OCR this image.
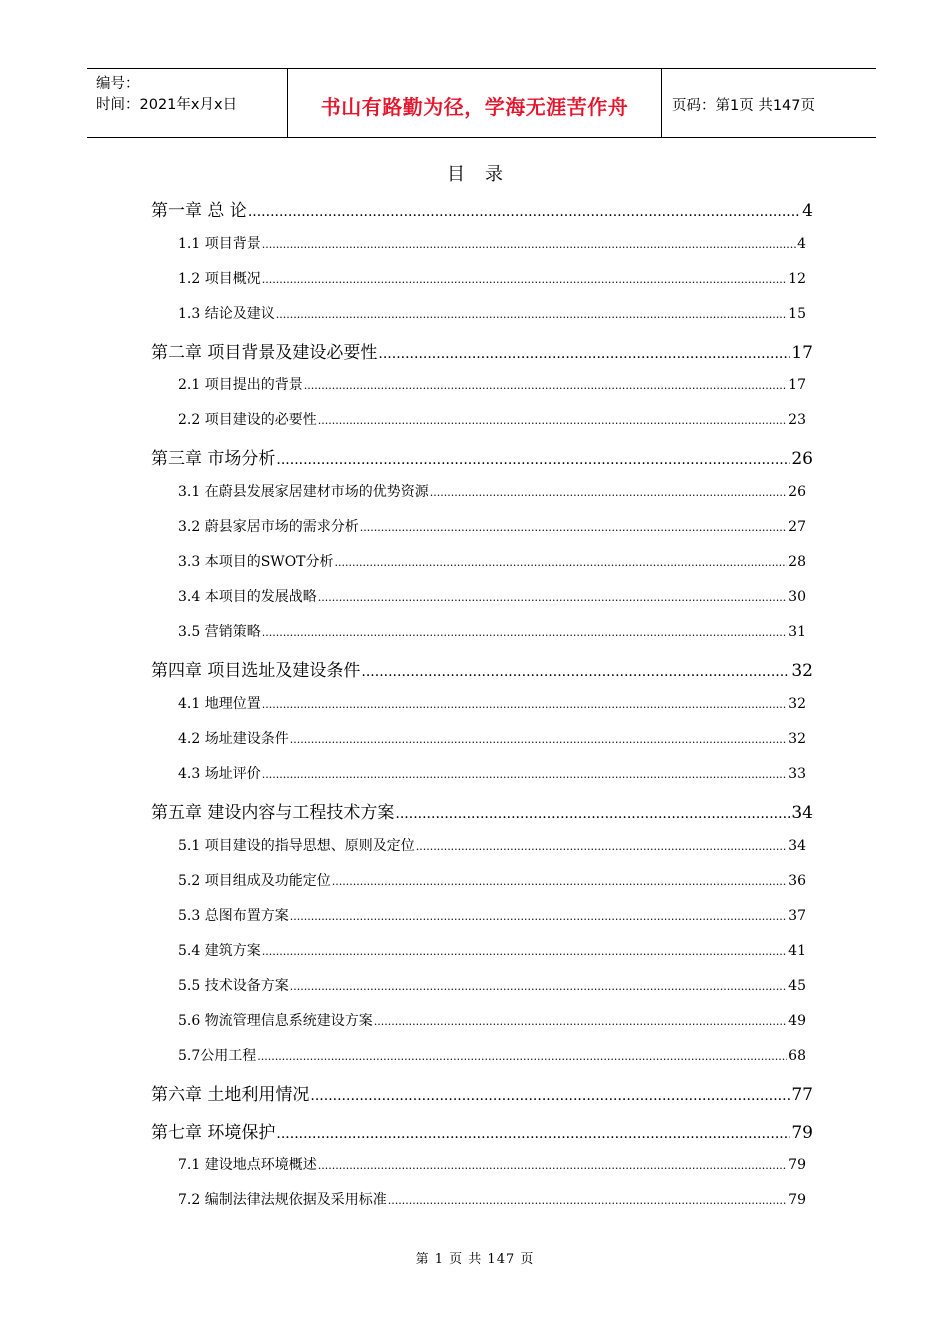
编号：
时间：2021年x月x日	书山有路勤为径，学海无涯苦作舟	页码：第1页 共147页
目录
第一章 总 论 .....	4
1.1 项目背景 .....	4
1.2 项目概况 .....	12
1.3 结论及建议 .....	15
第二章 项目背景及建设必要性 .....	17
2.1 项目提出的背景 .....	17
2.2 项目建设的必要性 .....	23
第三章 市场分析 .....	26
3.1 在蔚县发展家居建材市场的优势资源 .....	26
3.2 蔚县家居市场的需求分析 .....	27
3.3 本项目的SWOT分析 .....	28
3.4 本项目的发展战略 .....	30
3.5 营销策略 .....	31
第四章 项目选址及建设条件 .....	32
4.1 地理位置 .....	32
4.2 场址建设条件 .....	32
4.3 场址评价 .....	33
第五章 建设内容与工程技术方案 .....	34
5.1 项目建设的指导思想、原则及定位 .....	34
5.2 项目组成及功能定位 .....	36
5.3 总图布置方案 .....	37
5.4 建筑方案 .....	41
5.5 技术设备方案 .....	45
5.6 物流管理信息系统建设方案 .....	49
5.7公用工程 .....	68
第六章 土地利用情况 .....	77
第七章 环境保护 .....	79
7.1 建设地点环境概述 .....	79
7.2 编制法律法规依据及采用标准 .....	79
第 1 页 共 147 页
